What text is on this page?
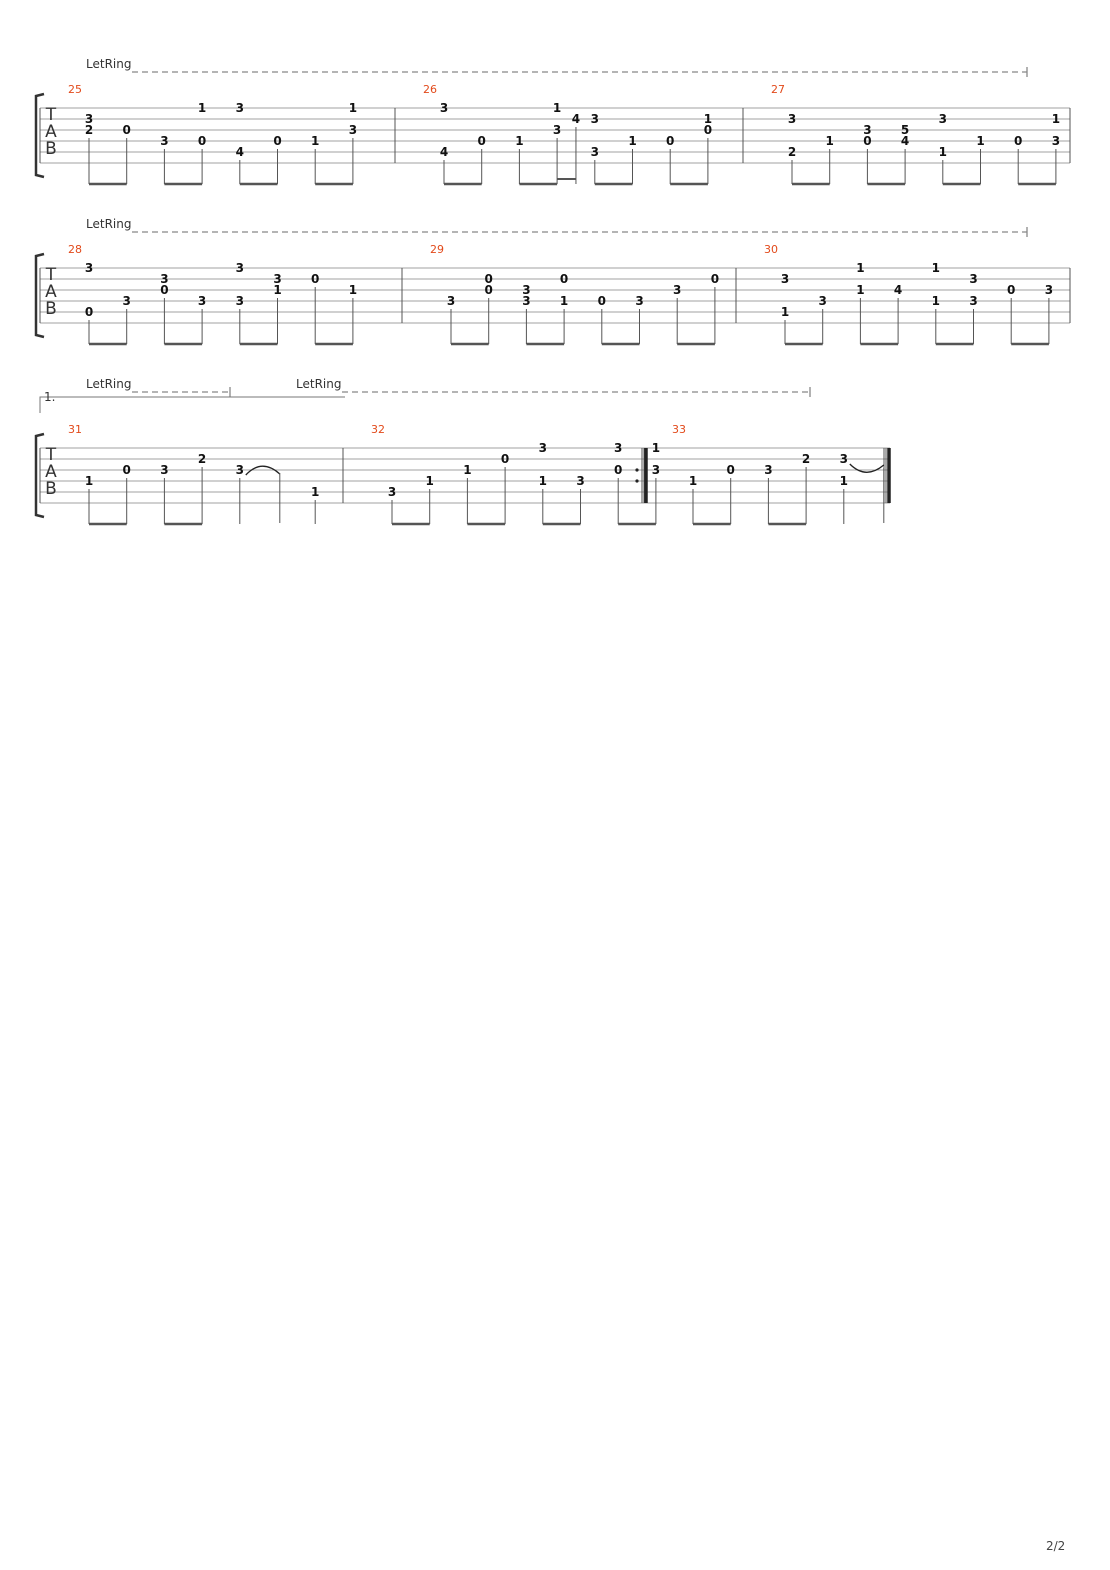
LetRing
T
A
B
25
3
2 0
3
1
0
3
4
0 1
1
3
26
3
4
0 1
1
3
4 3
3
1 0
1
0
27
3
2
1
3
0
5
4
3
1
1 0
1
3
LetRing
T
A
B
28
3
0
3
3
0
3
3
3
3
1
0
1
29
3
0
0 3
3
0
1 0 3
3
0
30
3
1
3
1
1 4
1
1
3
3
0 3
LetRing	LetRing
1.
T
A
B
31
1
0 3
2
3
1
32
3
1
1
0
3
1 3
3
0
1
3
33
1
0 3
2 3
1
2/2
